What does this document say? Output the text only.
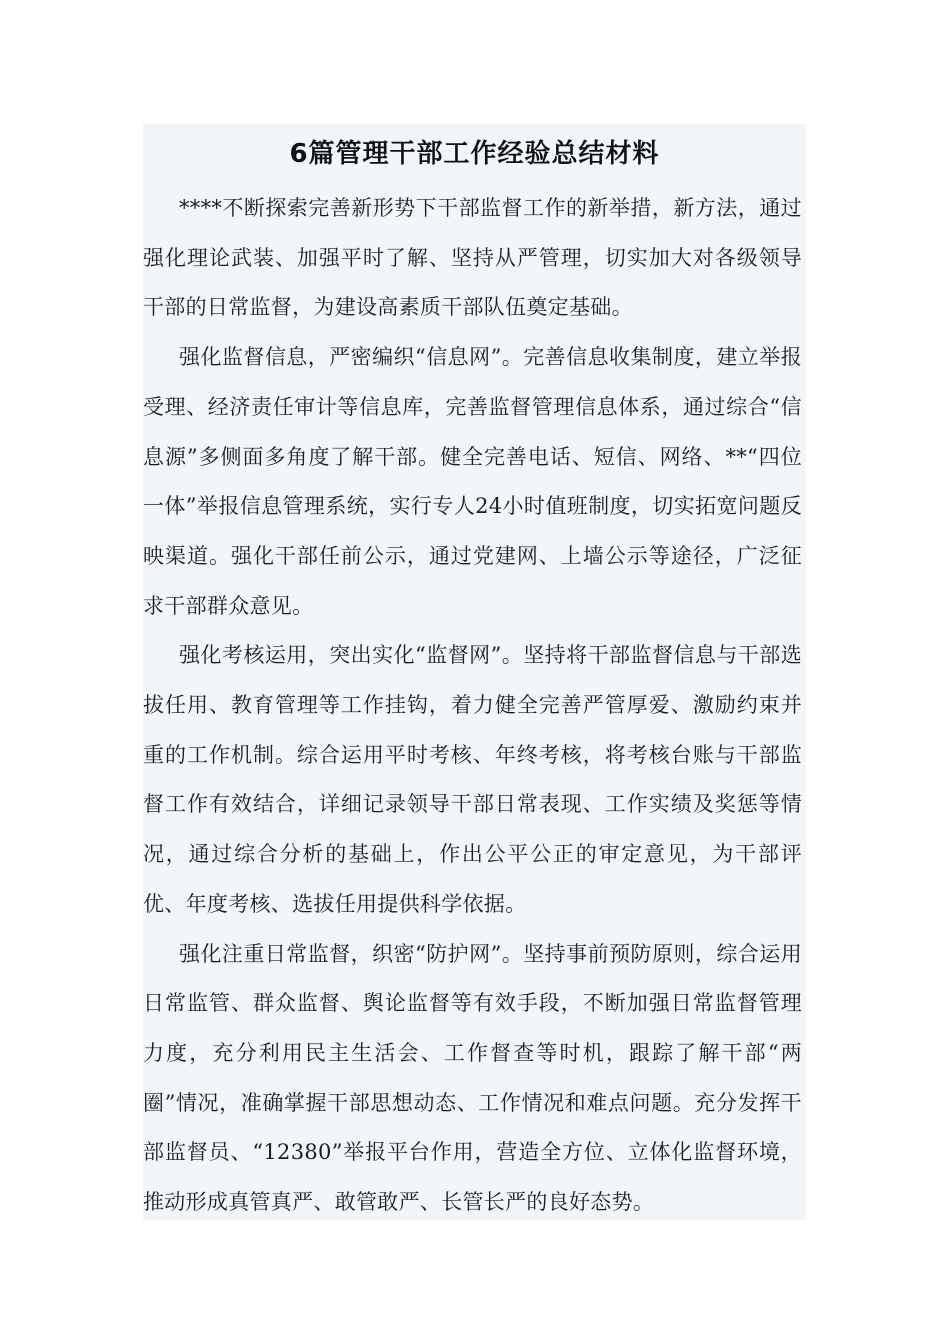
6篇管理干部工作经验总结材料

****不断探索完善新形势下干部监督工作的新举措，新方法，通过强化理论武装、加强平时了解、坚持从严管理，切实加大对各级领导干部的日常监督，为建设高素质干部队伍奠定基础。

强化监督信息，严密编织“信息网”。完善信息收集制度，建立举报受理、经济责任审计等信息库，完善监督管理信息体系，通过综合“信息源”多侧面多角度了解干部。健全完善电话、短信、网络、**“四位一体”举报信息管理系统，实行专人24小时值班制度，切实拓宽问题反映渠道。强化干部任前公示，通过党建网、上墙公示等途径，广泛征求干部群众意见。

强化考核运用，突出实化“监督网”。坚持将干部监督信息与干部选拔任用、教育管理等工作挂钩，着力健全完善严管厚爱、激励约束并重的工作机制。综合运用平时考核、年终考核，将考核台账与干部监督工作有效结合，详细记录领导干部日常表现、工作实绩及奖惩等情况，通过综合分析的基础上，作出公平公正的审定意见，为干部评优、年度考核、选拔任用提供科学依据。

强化注重日常监督，织密“防护网”。坚持事前预防原则，综合运用日常监管、群众监督、舆论监督等有效手段，不断加强日常监督管理力度，充分利用民主生活会、工作督查等时机，跟踪了解干部“两圈”情况，准确掌握干部思想动态、工作情况和难点问题。充分发挥干部监督员、“12380”举报平台作用，营造全方位、立体化监督环境，推动形成真管真严、敢管敢严、长管长严的良好态势。
